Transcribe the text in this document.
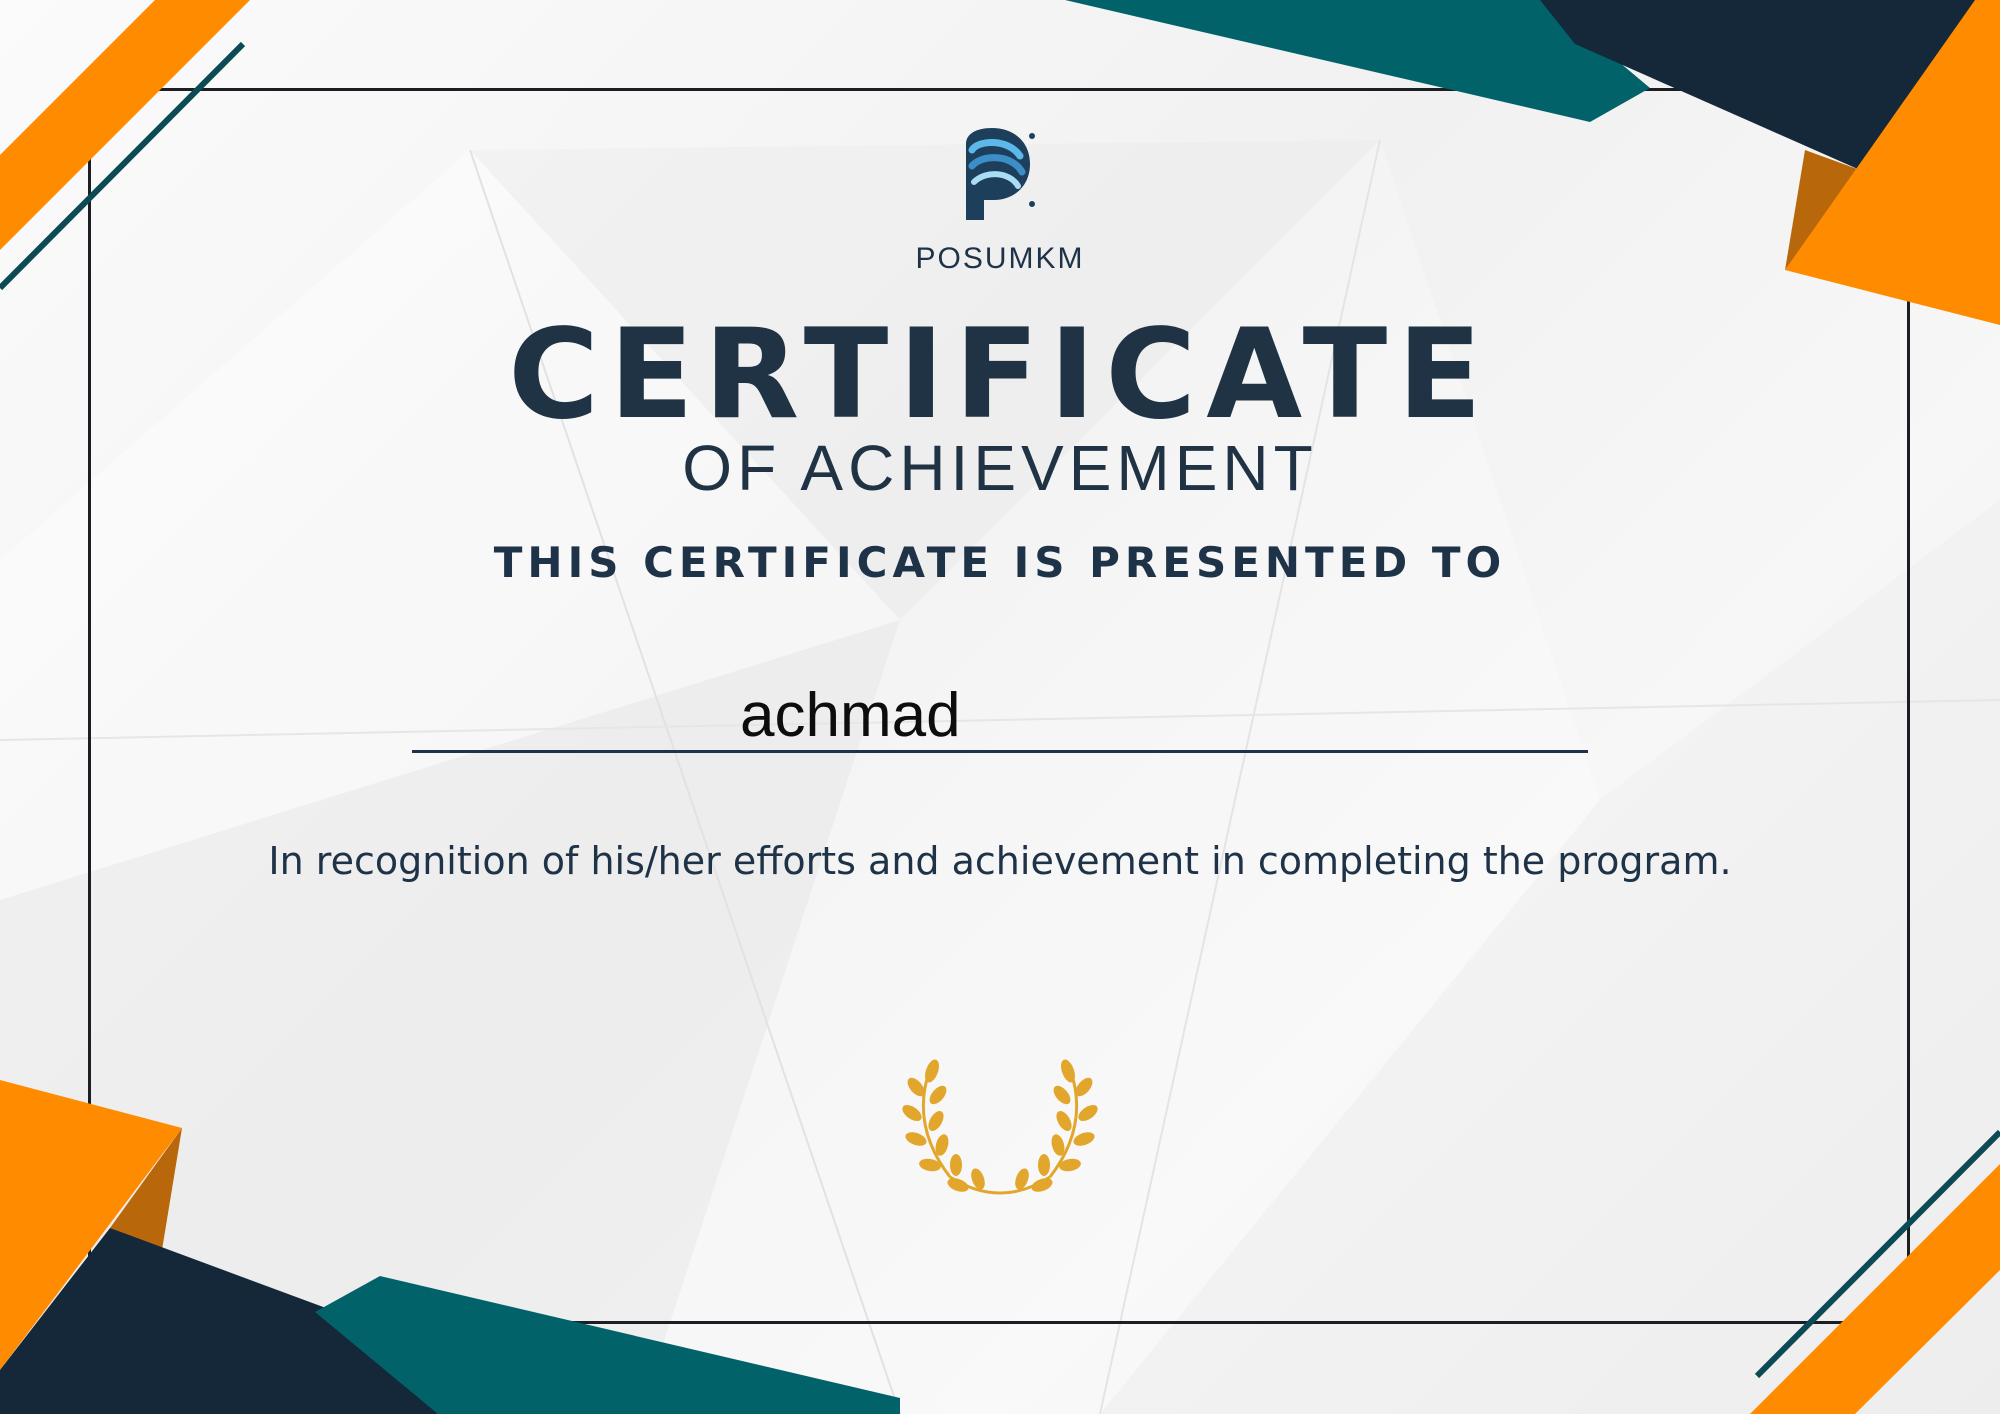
POSUMKM
CERTIFICATE
OF ACHIEVEMENT
THIS CERTIFICATE IS PRESENTED TO
achmad
In recognition of his/her efforts and achievement in completing the program.
